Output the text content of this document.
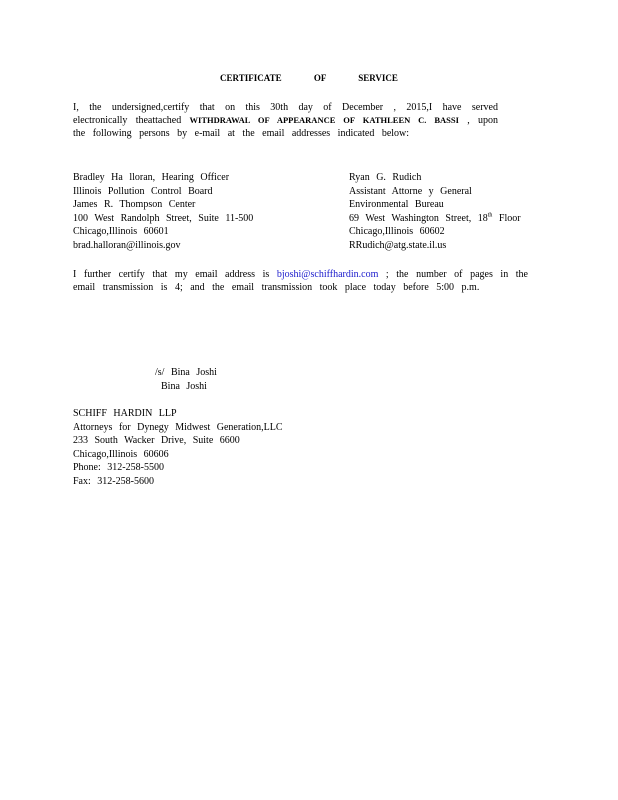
CERTIFICATE OF SERVICE
I, the undersigned,certify that on this 30th day of December , 2015,I have served electronically theattached WITHDRAWAL OF APPEARANCE OF KATHLEEN C. BASSI , upon the following persons by e-mail at the email addresses indicated below:
Bradley Ha lloran, Hearing Officer
Illinois Pollution Control Board
James R. Thompson Center
100 West Randolph Street, Suite 11-500
Chicago,Illinois 60601
brad.halloran@illinois.gov
Ryan G. Rudich
Assistant Attorne y General
Environmental Bureau
69 West Washington Street, 18th Floor
Chicago,Illinois 60602
RRudich@atg.state.il.us
I further certify that my email address is bjoshi@schiffhardin.com ; the number of pages in the email transmission is 4; and the email transmission took place today before 5:00 p.m.
/s/ Bina Joshi
Bina Joshi
SCHIFF HARDIN LLP
Attorneys for Dynegy Midwest Generation,LLC
233 South Wacker Drive, Suite 6600
Chicago,Illinois 60606
Phone: 312-258-5500
Fax: 312-258-5600
